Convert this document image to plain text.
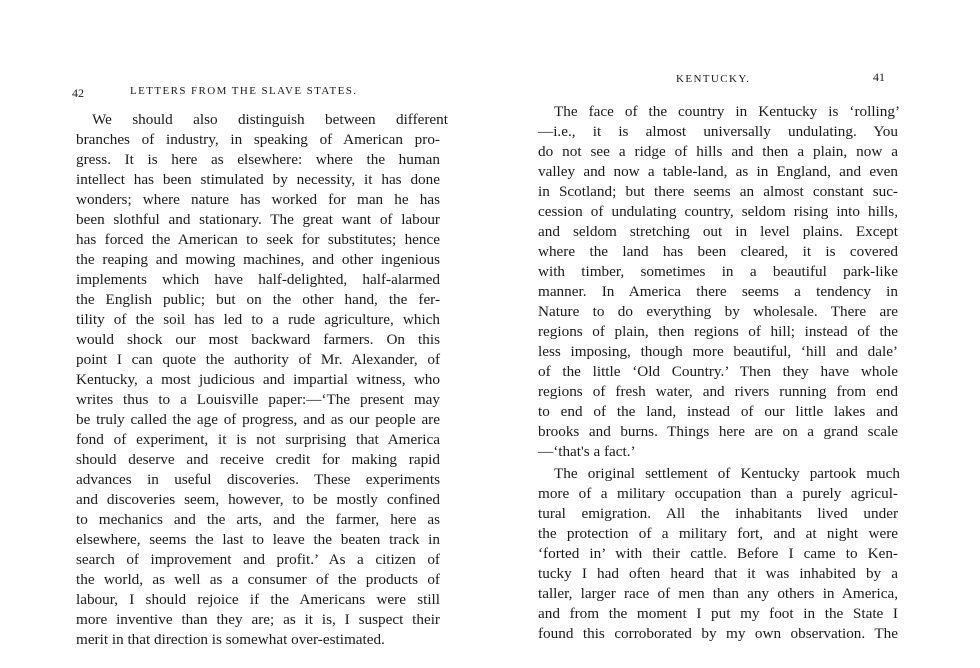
42	LETTERS FROM THE SLAVE STATES.
We should also distinguish between different
branches of industry, in speaking of American pro-
gress. It is here as elsewhere: where the human
intellect has been stimulated by necessity, it has done
wonders; where nature has worked for man he has
been slothful and stationary. The great want of labour
has forced the American to seek for substitutes; hence
the reaping and mowing machines, and other ingenious
implements which have half-delighted, half-alarmed
the English public; but on the other hand, the fer-
tility of the soil has led to a rude agriculture, which
would shock our most backward farmers. On this
point I can quote the authority of Mr. Alexander, of
Kentucky, a most judicious and impartial witness, who
writes thus to a Louisville paper:—‘The present may
be truly called the age of progress, and as our people are
fond of experiment, it is not surprising that America
should deserve and receive credit for making rapid
advances in useful discoveries. These experiments
and discoveries seem, however, to be mostly confined
to mechanics and the arts, and the farmer, here as
elsewhere, seems the last to leave the beaten track in
search of improvement and profit.’ As a citizen of
the world, as well as a consumer of the products of
labour, I should rejoice if the Americans were still
more inventive than they are; as it is, I suspect their
merit in that direction is somewhat over-estimated.
KENTUCKY.	41
The face of the country in Kentucky is ‘rolling’
—i.e., it is almost universally undulating. You
do not see a ridge of hills and then a plain, now a
valley and now a table-land, as in England, and even
in Scotland; but there seems an almost constant suc-
cession of undulating country, seldom rising into hills,
and seldom stretching out in level plains. Except
where the land has been cleared, it is covered
with timber, sometimes in a beautiful park-like
manner. In America there seems a tendency in
Nature to do everything by wholesale. There are
regions of plain, then regions of hill; instead of the
less imposing, though more beautiful, ‘hill and dale’
of the little ‘Old Country.’ Then they have whole
regions of fresh water, and rivers running from end
to end of the land, instead of our little lakes and
brooks and burns. Things here are on a grand scale
—‘that's a fact.’
The original settlement of Kentucky partook much
more of a military occupation than a purely agricul-
tural emigration. All the inhabitants lived under
the protection of a military fort, and at night were
‘forted in’ with their cattle. Before I came to Ken-
tucky I had often heard that it was inhabited by a
taller, larger race of men than any others in America,
and from the moment I put my foot in the State I
found this corroborated by my own observation. The
